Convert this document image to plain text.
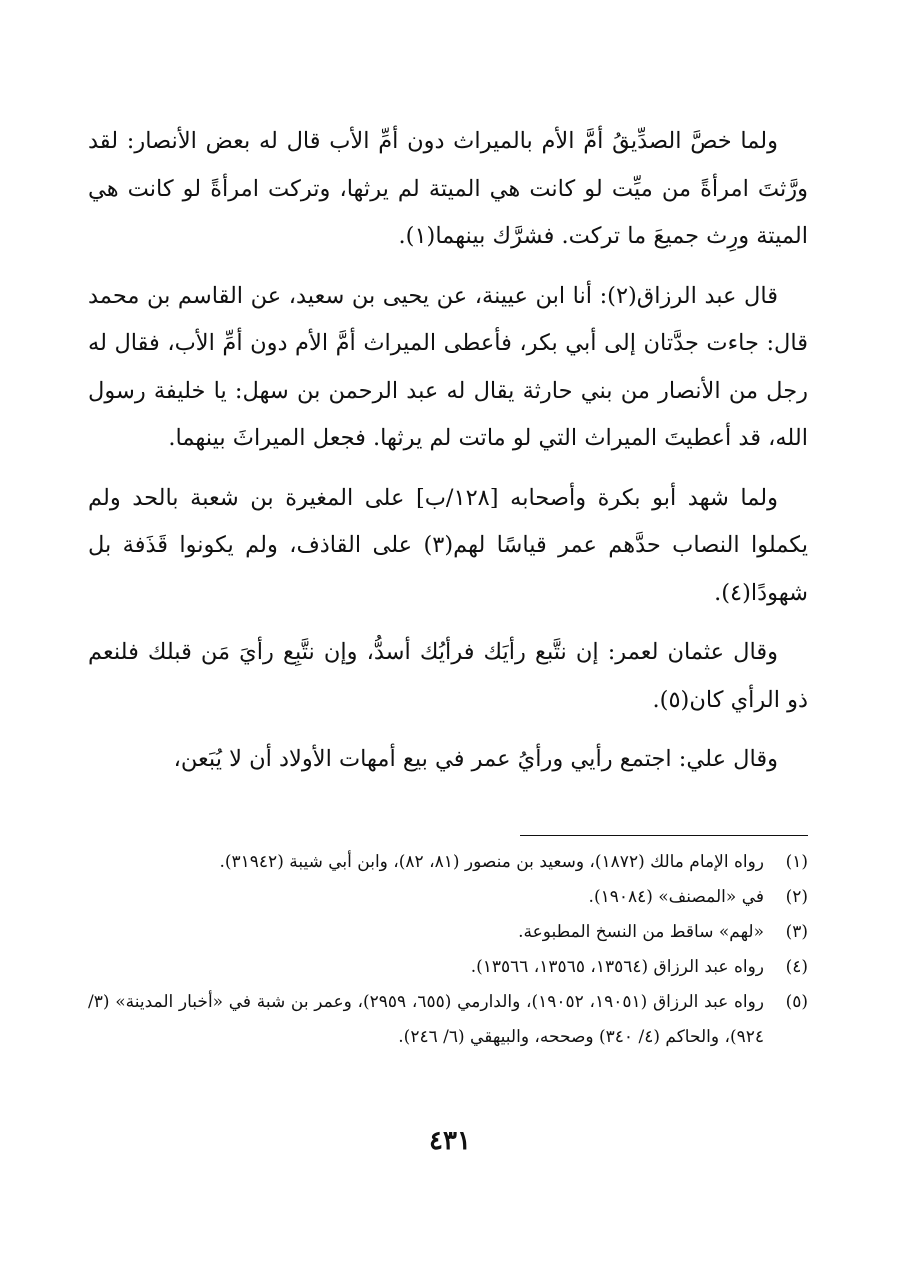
ولما خصَّ الصدِّيقُ أمَّ الأم بالميراث دون أمِّ الأب قال له بعض الأنصار: لقد ورَّثتَ امرأةً من ميِّت لو كانت هي الميتة لم يرثها، وتركت امرأةً لو كانت هي الميتة ورِث جميعَ ما تركت. فشرَّك بينهما(١).

قال عبد الرزاق(٢): أنا ابن عيينة، عن يحيى بن سعيد، عن القاسم بن محمد قال: جاءت جدَّتان إلى أبي بكر، فأعطى الميراث أمَّ الأم دون أمِّ الأب، فقال له رجل من الأنصار من بني حارثة يقال له عبد الرحمن بن سهل: يا خليفة رسول الله، قد أعطيتَ الميراث التي لو ماتت لم يرثها. فجعل الميراثَ بينهما.

ولما شهد أبو بكرة وأصحابه [١٢٨/ب] على المغيرة بن شعبة بالحد ولم يكملوا النصاب حدَّهم عمر قياسًا لهم(٣) على القاذف، ولم يكونوا قَذَفة بل شهودًا(٤).

وقال عثمان لعمر: إن نتَّبع رأيَك فرأيُك أسدُّ، وإن نتَّبِع رأيَ مَن قبلك فلنعم ذو الرأي كان(٥).

وقال علي: اجتمع رأيي ورأيُ عمر في بيع أمهات الأولاد أن لا يُبَعن،

(١)
رواه الإمام مالك (١٨٧٢)، وسعيد بن منصور (٨١، ٨٢)، وابن أبي شيبة (٣١٩٤٢).
(٢)
في «المصنف» (١٩٠٨٤).
(٣)
«لهم» ساقط من النسخ المطبوعة.
(٤)
رواه عبد الرزاق (١٣٥٦٤، ١٣٥٦٥، ١٣٥٦٦).
(٥)
رواه عبد الرزاق (١٩٠٥١، ١٩٠٥٢)، والدارمي (٦٥٥، ٢٩٥٩)، وعمر بن شبة في «أخبار المدينة» (٣/ ٩٢٤)، والحاكم (٤/ ٣٤٠) وصححه، والبيهقي (٦/ ٢٤٦).
٤٣١
